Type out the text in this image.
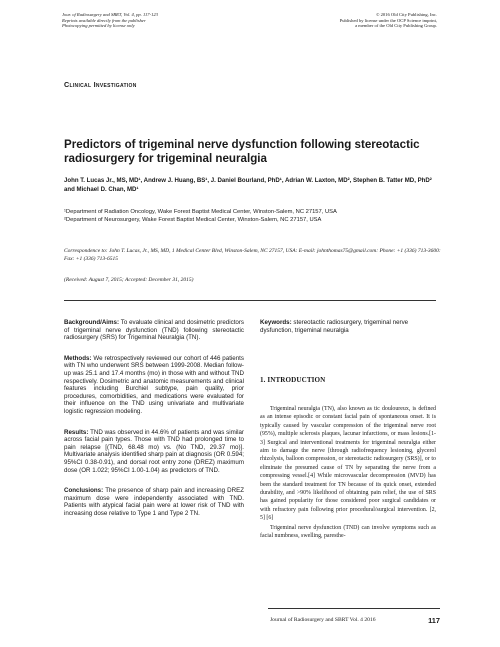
Jour. of Radiosurgery and SBRT, Vol. 4, pp. 117-123
Reprints available directly from the publisher
Photocopying permitted by license only
© 2016 Old City Publishing, Inc.
Published by license under the OCP Science imprint,
a member of the Old City Publishing Group.
Clinical Investigation
Predictors of trigeminal nerve dysfunction following stereotactic radiosurgery for trigeminal neuralgia
John T. Lucas Jr., MS, MD¹, Andrew J. Huang, BS¹, J. Daniel Bourland, PhD¹, Adrian W. Laxton, MD², Stephen B. Tatter MD, PhD² and Michael D. Chan, MD¹
¹Department of Radiation Oncology, Wake Forest Baptist Medical Center, Winston-Salem, NC 27157, USA
²Department of Neurosurgery, Wake Forest Baptist Medical Center, Winston-Salem, NC 27157, USA
Correspondence to: John T. Lucas, Jr., MS, MD, 1 Medical Center Blvd, Winston-Salem, NC 27157, USA: E-mail: johnthomas75@gmail.com: Phone: +1 (336) 713-3600: Fax: +1 (336) 713-6515
(Received: August 7, 2015; Accepted: December 31, 2015)

Background/Aims: To evaluate clinical and dosimetric predictors of trigeminal nerve dysfunction (TND) following stereotactic radiosurgery (SRS) for Trigeminal Neuralgia (TN).

Methods: We retrospectively reviewed our cohort of 446 patients with TN who underwent SRS between 1999-2008. Median follow-up was 25.1 and 17.4 months (mo) in those with and without TND respectively. Dosimetric and anatomic measurements and clinical features including Burchiel subtype, pain quality, prior procedures, comorbidities, and medications were evaluated for their influence on the TND using univariate and multivariate logistic regression modeling.

Results: TND was observed in 44.6% of patients and was similar across facial pain types. Those with TND had prolonged time to pain relapse [(TND, 68.48 mo) vs. (No TND, 29.37 mo)]. Multivariate analysis identified sharp pain at diagnosis (OR 0.594; 95%CI 0.38-0.91), and dorsal root entry zone (DREZ) maximum dose (OR 1.022; 95%CI 1.00-1.04) as predictors of TND.

Conclusions: The presence of sharp pain and increasing DREZ maximum dose were independently associated with TND. Patients with atypical facial pain were at lower risk of TND with increasing dose relative to Type 1 and Type 2 TN.

Keywords: stereotactic radiosurgery, trigeminal nerve dysfunction, trigeminal neuralgia
1. INTRODUCTION

Trigeminal neuralgia (TN), also known as tic douloureux, is defined as an intense episodic or constant facial pain of spontaneous onset. It is typically caused by vascular compression of the trigeminal nerve root (95%), multiple sclerosis plaques, lacunar infarctions, or mass lesions.[1-3] Surgical and interventional treatments for trigeminal neuralgia either aim to damage the nerve [through radiofrequency lesioning, glycerol rhizolysis, balloon compression, or stereotactic radiosurgery (SRS)], or to eliminate the presumed cause of TN by separating the nerve from a compressing vessel.[4] While microvascular decompression (MVD) has been the standard treatment for TN because of its quick onset, extended durability, and >90% likelihood of obtaining pain relief, the use of SRS has gained popularity for those considered poor surgical candidates or with refractory pain following prior procedural/surgical intervention. [2, 5] [6]

Trigeminal nerve dysfunction (TND) can involve symptoms such as facial numbness, swelling, paresthe-

Journal of Radiosurgery and SBRT Vol. 4 2016	117
